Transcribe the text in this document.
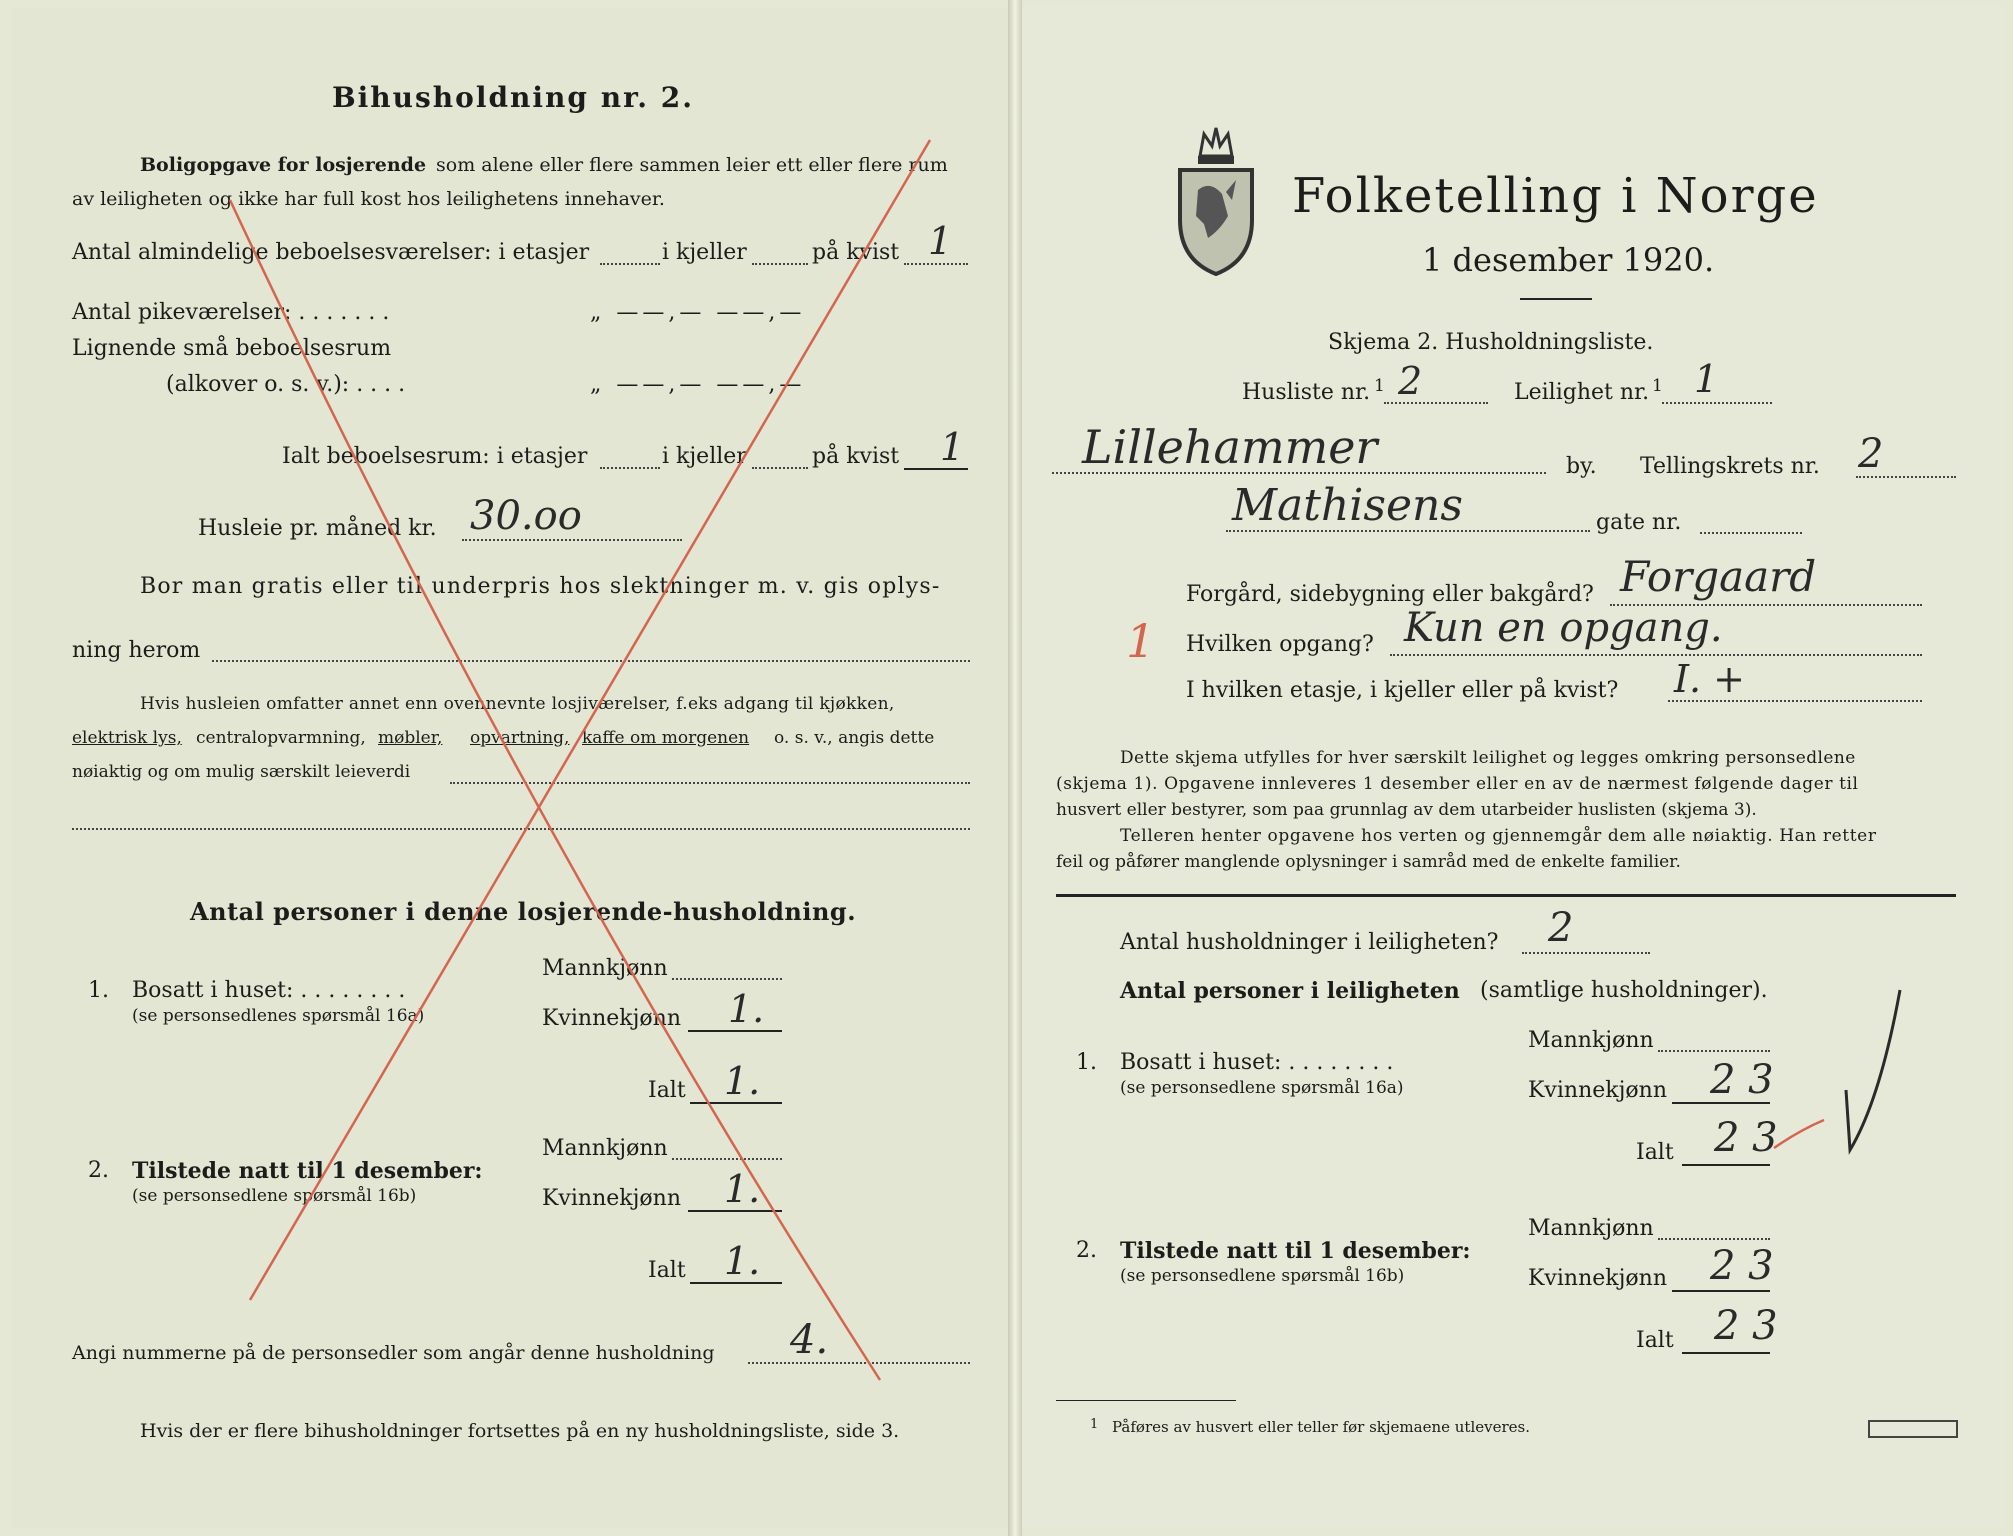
Bihusholdning nr. 2.
Boligopgave for losjerende som alene eller flere sammen leier ett eller flere rum
av leiligheten og ikke har full kost hos leilighetens innehaver.
Antal almindelige beboelsesværelser: i etasjer	i kjeller	på kvist 1
Antal pikeværelser: . . . . . . .	„ ——,— ——,—
Lignende små beboelsesrum
(alkover o. s. v.): . . . .	„ ——,— ——,—
Ialt beboelsesrum: i etasjer	i kjeller	på kvist 1
Husleie pr. måned kr. 30.oo
Bor man gratis eller til underpris hos slektninger m. v. gis oplys-
ning herom
Hvis husleien omfatter annet enn ovennevnte losjiværelser, f.eks adgang til kjøkken,
elektrisk lys, centralopvarmning, møbler, opvartning, kaffe om morgenen o. s. v., angis dette
nøiaktig og om mulig særskilt leieverdi
Antal personer i denne losjerende-husholdning.
1. Bosatt i huset: . . . . . . . .
(se personsedlenes spørsmål 16a)
Mannkjønn
Kvinnekjønn 1.
Ialt 1.
2. Tilstede natt til 1 desember:
(se personsedlene spørsmål 16b)
Mannkjønn
Kvinnekjønn 1.
Ialt 1.
Angi nummerne på de personsedler som angår denne husholdning 4.
Hvis der er flere bihusholdninger fortsettes på en ny husholdningsliste, side 3.
Folketelling i Norge
1 desember 1920.
Skjema 2. Husholdningsliste.
Husliste nr. 1 2	Leilighet nr. 1 1
Lillehammer	by. Tellingskrets nr. 2
Mathisens	gate nr.
Forgård, sidebygning eller bakgård? Forgaard
Hvilken opgang? Kun en opgang.
1
I hvilken etasje, i kjeller eller på kvist? I. +
Dette skjema utfylles for hver særskilt leilighet og legges omkring personsedlene
(skjema 1). Opgavene innleveres 1 desember eller en av de nærmest følgende dager til
husvert eller bestyrer, som paa grunnlag av dem utarbeider huslisten (skjema 3).
Telleren henter opgavene hos verten og gjennemgår dem alle nøiaktig. Han retter
feil og påfører manglende oplysninger i samråd med de enkelte familier.
Antal husholdninger i leiligheten? 2
Antal personer i leiligheten (samtlige husholdninger).
1. Bosatt i huset: . . . . . . . .
(se personsedlene spørsmål 16a)
Mannkjønn
Kvinnekjønn 2 3
Ialt 2 3
2. Tilstede natt til 1 desember:
(se personsedlene spørsmål 16b)
Mannkjønn
Kvinnekjønn 2 3
Ialt 2 3
1 Påføres av husvert eller teller før skjemaene utleveres.
